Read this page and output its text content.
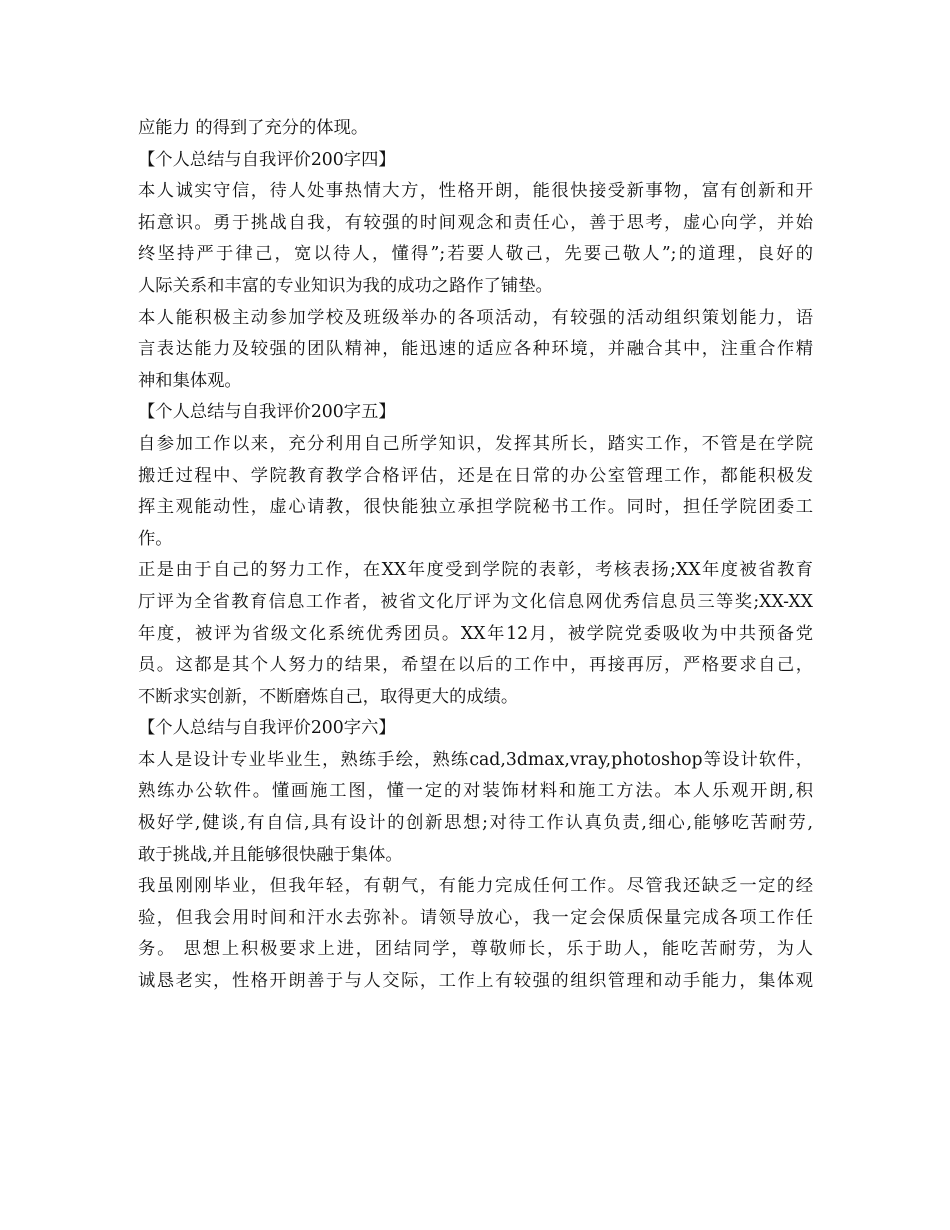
应能力 的得到了充分的体现。
【个人总结与自我评价200字四】
本人诚实守信，待人处事热情大方，性格开朗，能很快接受新事物，富有创新和开
拓意识。勇于挑战自我，有较强的时间观念和责任心，善于思考，虚心向学，并始
终坚持严于律己，宽以待人，懂得”;若要人敬己，先要己敬人”;的道理，良好的
人际关系和丰富的专业知识为我的成功之路作了铺垫。
本人能积极主动参加学校及班级举办的各项活动，有较强的活动组织策划能力，语
言表达能力及较强的团队精神，能迅速的适应各种环境，并融合其中，注重合作精
神和集体观。
【个人总结与自我评价200字五】
自参加工作以来，充分利用自己所学知识，发挥其所长，踏实工作，不管是在学院
搬迁过程中、学院教育教学合格评估，还是在日常的办公室管理工作，都能积极发
挥主观能动性，虚心请教，很快能独立承担学院秘书工作。同时，担任学院团委工
作。
正是由于自己的努力工作，在XX年度受到学院的表彰，考核表扬;XX年度被省教育
厅评为全省教育信息工作者，被省文化厅评为文化信息网优秀信息员三等奖;XX-XX
年度，被评为省级文化系统优秀团员。XX年12月，被学院党委吸收为中共预备党
员。这都是其个人努力的结果，希望在以后的工作中，再接再厉，严格要求自己，
不断求实创新，不断磨炼自己，取得更大的成绩。
【个人总结与自我评价200字六】
本人是设计专业毕业生，熟练手绘，熟练cad,3dmax,vray,photoshop等设计软件，
熟练办公软件。懂画施工图，懂一定的对装饰材料和施工方法。本人乐观开朗,积
极好学,健谈,有自信,具有设计的创新思想;对待工作认真负责,细心,能够吃苦耐劳,
敢于挑战,并且能够很快融于集体。
我虽刚刚毕业，但我年轻，有朝气，有能力完成任何工作。尽管我还缺乏一定的经
验，但我会用时间和汗水去弥补。请领导放心，我一定会保质保量完成各项工作任
务。 思想上积极要求上进，团结同学，尊敬师长，乐于助人，能吃苦耐劳，为人
诚恳老实，性格开朗善于与人交际，工作上有较强的组织管理和动手能力，集体观
